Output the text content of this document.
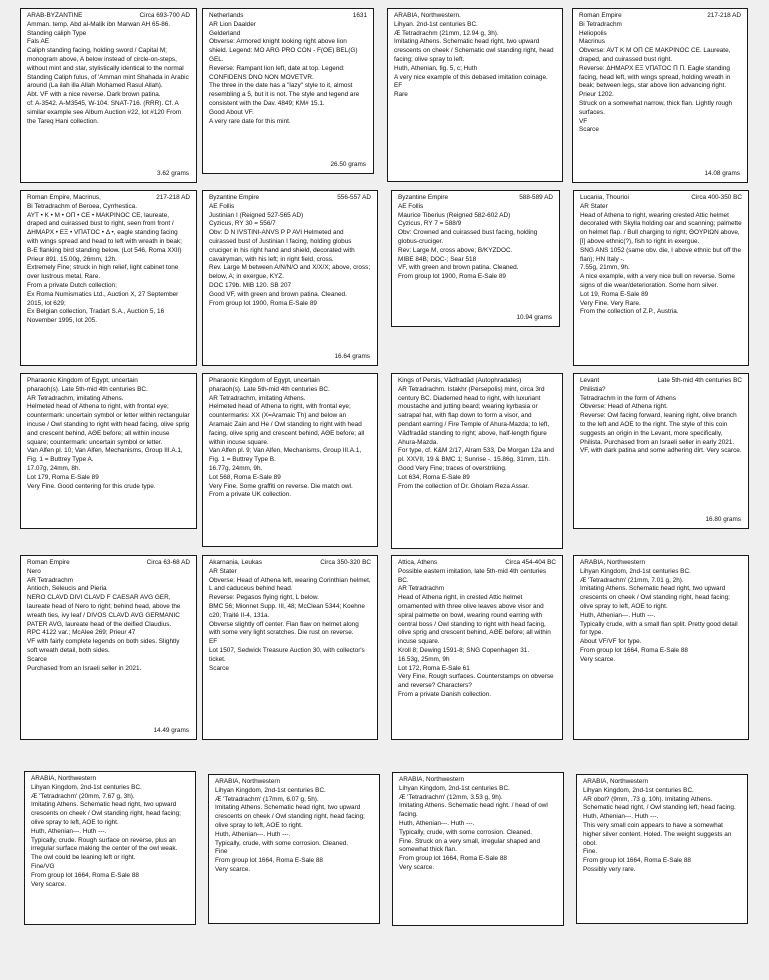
ARAB-BYZANTINE	Circa 693-700 AD
Amman. temp. Abd al-Malik ibn Marwan AH 65-86. Standing caliph Type
Fals AE
Caliph standing facing, holding sword / Capital M; monogram above, A below instead of circle-on-steps, without mint and star, stylistically identical to the normal Standing Caliph fulus, of 'Amman mint Shahada in Arabic around (La ilah illa Allah Mohamed Rasul Allah).
Abt. VF with a nice reverse. Dark brown patina.
cf: A-3542. A-M3545, W-104. SNAT-716. (RRR). Cf. A similar example see Album Auction #22, lot #120 From the Tareq Hani collection.
3.62 grams
Netherlands	1631
AR Lion Daalder
Gelderland
Obverse: Armored knight looking right above lion shield. Legend: MO ARG PRO CON - F(OE) BEL(G) GEL.
Reverse: Rampant lion left, date at top. Legend: CONFIDENS DNO NON MOVETVR.
The three in the date has a "lazy" style to it, almost resembling a 5, but it is not. The style and legend are consistent with the Dav. 4849; KM# 15.1.
Good About VF.
A very rare date for this mint.
26.50 grams
ARABIA, Northwestern.
Lihyan. 2nd-1st centuries BC.
Æ Tetradrachm (21mm, 12.94 g, 3h).
Imitating Athens. Schematic head right, two upward crescents on cheek / Schematic owl standing right, head facing; olive spray to left.
Huth, Athenian, fig. 5, c; Huth
A very nice example of this debased imitation coinage.
EF
Rare
Roman Empire	217-218 AD
Bi Tetradrachm
Heliopolis
Macrinus
Obverse: AVT K M OΠ CE MAKPINOC CE. Laureate, draped, and cuirassed bust right.
Reverse: ΔHMAPX EΞ VΠATOC Π Π. Eagle standing facing, head left, with wings spread, holding wreath in beak; between legs, star above lion advancing right.
Prieur 1202.
Struck on a somewhat narrow, thick flan. Lightly rough surfaces.
VF
Scarce
14.08 grams
Roman Empire, Macrinus,	217-218 AD
Bi Tetradrachm of Beroea, Cyrrhestica.
AYT • K • M • OΠ • CE • MAKPINOC CE, laureate, draped and cuirassed bust to right, seen from front / ΔHMAPX • EΞ • VΠATOC • Δ •, eagle standing facing with wings spread and head to left with wreath in beak; B-E flanking bird standing below. (Lot 546, Roma XXII)
Prieur 891. 15.00g, 26mm, 12h.
Extremely Fine; struck in high relief, light cabinet tone over lustrous metal. Rare.
From a private Dutch collection;
Ex Roma Numismatics Ltd., Auction X, 27 September 2015, lot 629;
Ex Belgian collection, Tradart S.A., Auction 5, 16 November 1995, lot 205.
Byzantine Empire	556-557 AD
AE Follis
Justinian I (Reigned 527-565 AD)
Cyzicus, RY 30 = 556/7
Obv: D N IVSTINI-ANVS P P AVI Helmeted and cuirassed bust of Justinian I facing, holding globus cruciger in his right hand and shield, decorated with cavalryman, with his left; in right field, cross.
Rev. Large M between A/N/N/O and X/X/X; above, cross; below, A; in exergue, KYZ.
DOC 179b. MIB 120. SB 207
Good VF, with green and brown patina. Cleaned.
From group lot 1900, Roma E-Sale 89
16.64 grams
Byzantine Empire	588-589 AD
AE Follis
Maurice Tiberius (Reigned 582-602 AD)
Cyzicus, RY 7 = 588/9
Obv: Crowned and cuirassed bust facing, holding globus-cruciger.
Rev: Large M, cross above; B/KYZDOC.
MIBE 84B; DOC-; Sear 518
VF, with green and brown patina. Cleaned.
From group lot 1900, Roma E-Sale 89
10.94 grams
Lucania, Thourioi	Circa 400-350 BC
AR Stater
Head of Athena to right, wearing crested Attic helmet decorated with Skylla holding oar and scanning; palmette on helmet flap. / Bull charging to right; ΘOYPIΩN above, [I] above ethnic(?), fish to right in exergue.
SNG ANS 1052 (same obv. die, I above ethnic but off the flan); HN Italy -.
7.55g, 21mm, 9h.
A nice example, with a very nice bull on reverse. Some signs of die wear/deterioration. Some horn silver.
Lot 19, Roma E-Sale 89
Very Fine. Very Rare.
From the collection of Z.P., Austria.
Pharaonic Kingdom of Egypt, uncertain
pharaoh(s). Late 5th-mid 4th centuries BC.
AR Tetradrachm, imitating Athens.
Helmeted head of Athena to right, with frontal eye; countermark: uncertain symbol or letter within rectangular incuse / Owl standing to right with head facing, olive sprig and crescent behind, AΘE before; all within incuse square; countermark: uncertain symbol or letter.
Van Alfen pl. 10; Van Alfen, Mechanisms, Group III.A.1, Fig. 1 = Buttrey Type A.
17.07g, 24mm, 8h.
Lot 179, Roma E-Sale 89
Very Fine. Good centering for this crude type.
Pharaonic Kingdom of Egypt, uncertain
pharaoh(s). Late 5th-mid 4th centuries BC.
AR Tetradrachm, imitating Athens.
Helmeted head of Athena to right, with frontal eye; countermarks: XX (X=Aramaic Th) and below an Aramaic Zain and He / Owl standing to right with head facing, olive sprig and crescent behind, AΘE before; all within incuse square.
Van Alfen pl. 9; Van Alfen, Mechanisms, Group III.A.1, Fig. 1 = Buttrey Type B.
16.77g, 24mm, 9h.
Lot 568, Roma E-Sale 89
Very Fine. Some graffiti on reverse. Die match owl.
From a private UK collection.
Kings of Persis, Vādfradād (Autophradates)
AR Tetradrachm. Istakhr (Persepolis) mint, circa 3rd century BC. Diademed head to right, with luxuriant moustache and jutting beard; wearing kyrbasia or satrapal hat, with flap down to form a visor, and pendant earring / Fire Temple of Ahura-Mazda; to left, Vādfradād standing to right; above, half-length figure Ahura-Mazda.
For type, cf. K&M 2/17, Alram 533, De Morgan 12a and pl. XXVII, 19 & BMC 1; Sunrise -. 15.86g, 31mm, 11h.
Good Very Fine; traces of overstriking.
Lot 634, Roma E-Sale 89
From the collection of Dr. Gholam Reza Assar.
Levant	Late 5th-mid 4th centuries BC
Philistia?
Tetradrachm in the form of Athens
Obverse: Head of Athena right.
Reverse: Owl facing forward, leaning right, olive branch to the left and AOE to the right. The style of this coin suggests an origin in the Levant, more specifically, Philista. Purchased from an Israeli seller in early 2021. VF, with dark patina and some adhering dirt. Very scarce.
16.80 grams
Roman Empire	Circa 63-68 AD
Nero
AR Tetradrachm
Antioch, Seleucis and Pieria
NERO CLAVD DIVI CLAVD F CAESAR AVG GER, laureate head of Nero to right; behind head, above the wreath ties, ivy leaf / DIVOS CLAVD AVG GERMANIC PATER AVG, laureate head of the deified Claudius.
RPC 4122 var.; McAlee 269; Prieur 47
VF with fairly complete legends on both sides. Slightly soft wreath detail, both sides.
Scarce
Purchased from an Israeli seller in 2021.
14.49 grams
Akarnania, Leukas	Circa 350-320 BC
AR Stater
Obverse: Head of Athena left, wearing Corinthian helmet, L and caduceus behind head.
Reverse: Pegasos flying right, L below.
BMC 56; Mionnet Supp. III, 48; McClean 5344; Koehne c20; Traité II-4, 131a.
Obverse slightly off center. Flan flaw on helmet along with some very light scratches. Die rust on reverse.
EF
Lot 1507, Sedwick Treasure Auction 30, with collector's ticket.
Scarce
Attica, Athens	Circa 454-404 BC
Possible eastern imitation, late 5th-mid 4th centuries BC.
AR Tetradrachm
Head of Athena right, in crested Attic helmet ornamented with three olive leaves above visor and spiral palmette on bowl, wearing round earring with central boss / Owl standing to right with head facing, olive sprig and crescent behind, AΘE before; all within incuse square.
Kroll 8; Dewing 1591-8; SNG Copenhagen 31.
16.53g, 25mm, 9h
Lot 172, Roma E-Sale 61
Very Fine. Rough surfaces. Counterstamps on obverse and reverse? Characters?
From a private Danish collection.
ARABIA, Northwestern
Lihyan Kingdom, 2nd-1st centuries BC.
Æ 'Tetradrachm' (21mm, 7.01 g, 2h).
Imitating Athens. Schematic head right, two upward crescents on cheek / Owl standing right, head facing; olive spray to left, AOE to right.
Huth, Athenian---. Huth ---.
Typically crude, with a small flan split. Pretty good detail for type.
About VF/VF for type.
From group lot 1664, Roma E-Sale 88
Very scarce.
ARABIA, Northwestern
Lihyan Kingdom, 2nd-1st centuries BC.
Æ 'Tetradrachm' (20mm, 7.67 g, 3h).
Imitating Athens. Schematic head right, two upward crescents on cheek / Owl standing right, head facing; olive spray to left, AOE to right.
Huth, Athenian---. Huth ---.
Typically, crude. Rough surface on reverse, plus an irregular surface making the center of the owl weak. The owl could be leaning left or right.
Fine/VG
From group lot 1664, Roma E-Sale 88
Very scarce.
ARABIA, Northwestern
Lihyan Kingdom, 2nd-1st centuries BC.
Æ 'Tetradrachm' (17mm, 6.07 g, 5h).
Imitating Athens. Schematic head right, two upward crescents on cheek / Owl standing right, head facing; olive spray to left, AOE to right.
Huth, Athenian---. Huth ---.
Typically, crude, with some corrosion. Cleaned.
Fine
From group lot 1664, Roma E-Sale 88
Very scarce.
ARABIA, Northwestern
Lihyan Kingdom, 2nd-1st centuries BC.
Æ 'Tetradrachm' (12mm, 3.53 g, 9h).
Imitating Athens. Schematic head right. / head of owl facing.
Huth, Athenian---. Huth ---.
Typically, crude, with some corrosion. Cleaned.
Fine. Struck on a very small, irregular shaped and somewhat thick flan.
From group lot 1664, Roma E-Sale 88
Very scarce.
ARABIA, Northwestern
Lihyan Kingdom, 2nd-1st centuries BC.
AR obol? (9mm, .73 g, 10h). Imitating Athens. Schematic head right, / Owl standing left, head facing.
Huth, Athenian---. Huth ---.
This very small coin appears to have a somewhat higher silver content. Holed. The weight suggests an obol.
Fine.
From group lot 1664, Roma E-Sale 88
Possibly very rare.
